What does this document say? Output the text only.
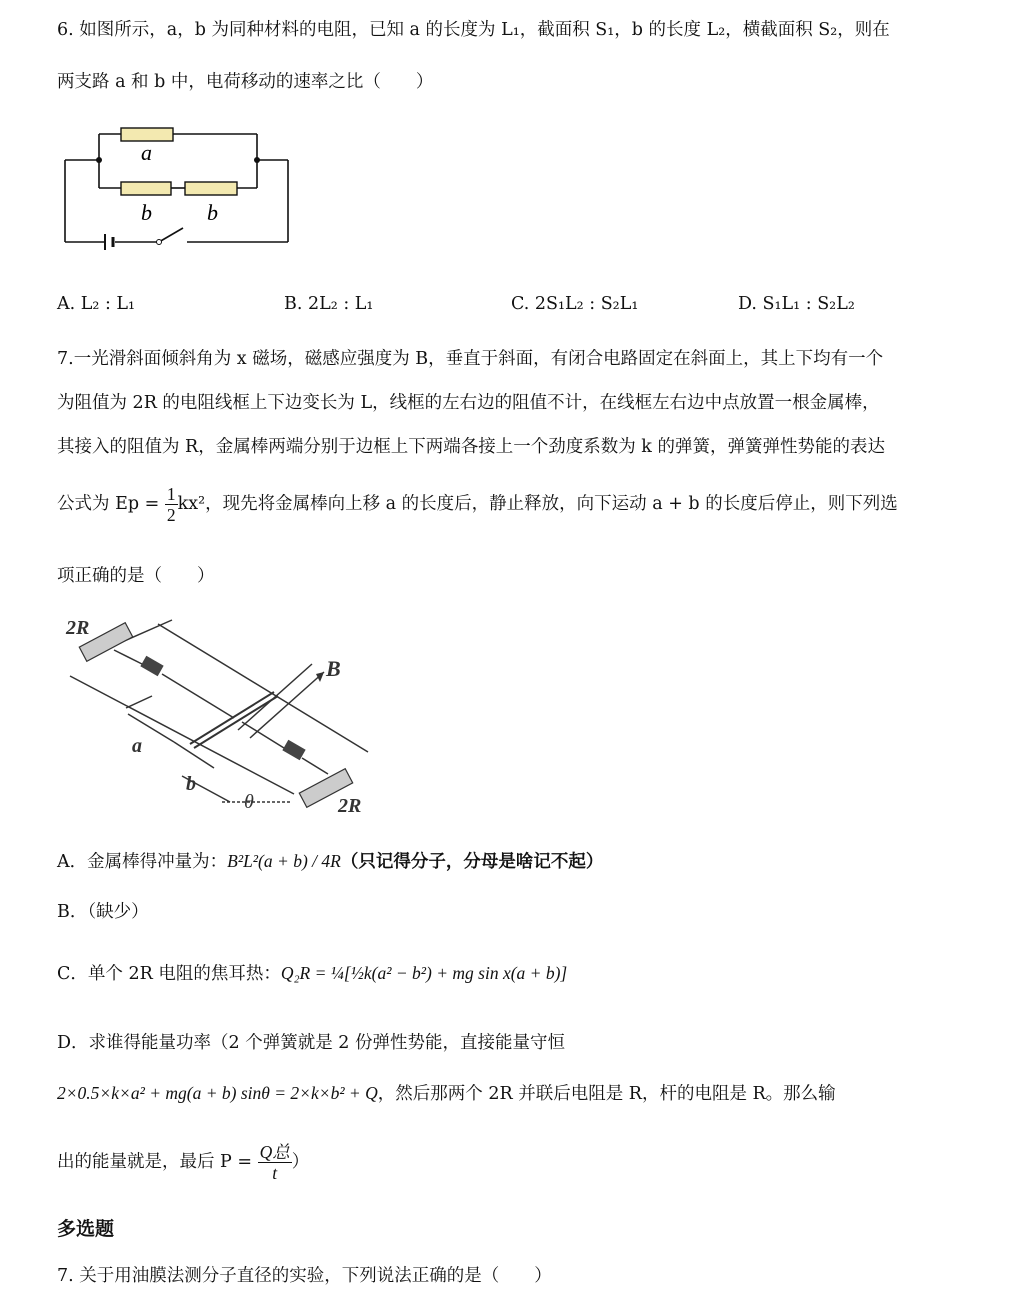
6. 如图所示，a，b 为同种材料的电阻，已知 a 的长度为 L₁，截面积 S₁，b 的长度 L₂，横截面积 S₂，则在
两支路 a 和 b 中，电荷移动的速率之比（　　）
a
b	b
A. L₂ : L₁	B. 2L₂ : L₁	C. 2S₁L₂ : S₂L₁	D. S₁L₁ : S₂L₂
7.一光滑斜面倾斜角为 x 磁场，磁感应强度为 B，垂直于斜面，有闭合电路固定在斜面上，其上下均有一个
为阻值为 2R 的电阻线框上下边变长为 L，线框的左右边的阻值不计，在线框左右边中点放置一根金属棒，
其接入的阻值为 R，金属棒两端分别于边框上下两端各接上一个劲度系数为 k 的弹簧，弹簧弹性势能的表达
公式为 $Ep = \frac{1}{2} kx^2$，现先将金属棒向上移 a 的长度后，静止释放，向下运动 a + b 的长度后停止，则下列选
项正确的是（　　）
2R
B
a
b
θ	2R
A．金属棒得冲量为：B²L²(a + b) / 4R（只记得分子，分母是啥记不起）
B．（缺少）
C．单个 2R 电阻的焦耳热：Q₂R = ¼[½k(a² − b²) + mg sin x(a + b)]
D．求谁得能量功率（2 个弹簧就是 2 份弹性势能，直接能量守恒
2×0.5×k×a² + mg(a + b) sinθ = 2×k×b² + Q，然后那两个 2R 并联后电阻是 R，杆的电阻是 R。那么输
出的能量就是，最后 $P = \frac{\text{Q总}}{t}$ ）
多选题
7. 关于用油膜法测分子直径的实验，下列说法正确的是（　　）
